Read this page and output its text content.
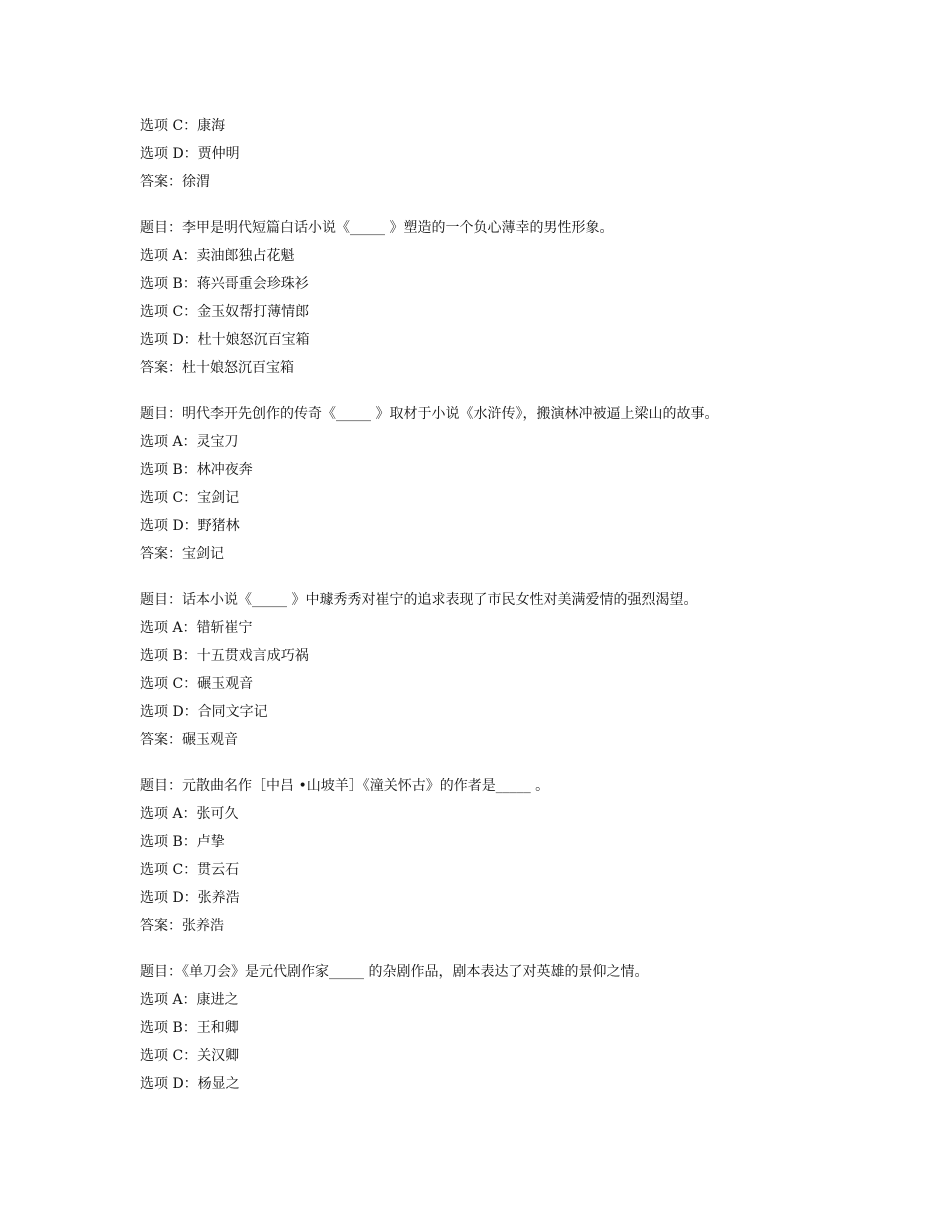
选项 C：康海
选项 D：贾仲明
答案：徐渭
题目：李甲是明代短篇白话小说《_____ 》塑造的一个负心薄幸的男性形象。
选项 A：卖油郎独占花魁
选项 B：蒋兴哥重会珍珠衫
选项 C：金玉奴帮打薄情郎
选项 D：杜十娘怒沉百宝箱
答案：杜十娘怒沉百宝箱
题目：明代李开先创作的传奇《_____ 》取材于小说《水浒传》，搬演林冲被逼上梁山的故事。
选项 A：灵宝刀
选项 B：林冲夜奔
选项 C：宝剑记
选项 D：野猪林
答案：宝剑记
题目：话本小说《_____ 》中璩秀秀对崔宁的追求表现了市民女性对美满爱情的强烈渴望。
选项 A：错斩崔宁
选项 B：十五贯戏言成巧祸
选项 C：碾玉观音
选项 D：合同文字记
答案：碾玉观音
题目：元散曲名作［中吕 •山坡羊］《潼关怀古》的作者是_____ 。
选项 A：张可久
选项 B：卢挚
选项 C：贯云石
选项 D：张养浩
答案：张养浩
题目：《单刀会》是元代剧作家_____ 的杂剧作品，剧本表达了对英雄的景仰之情。
选项 A：康进之
选项 B：王和卿
选项 C：关汉卿
选项 D：杨显之
